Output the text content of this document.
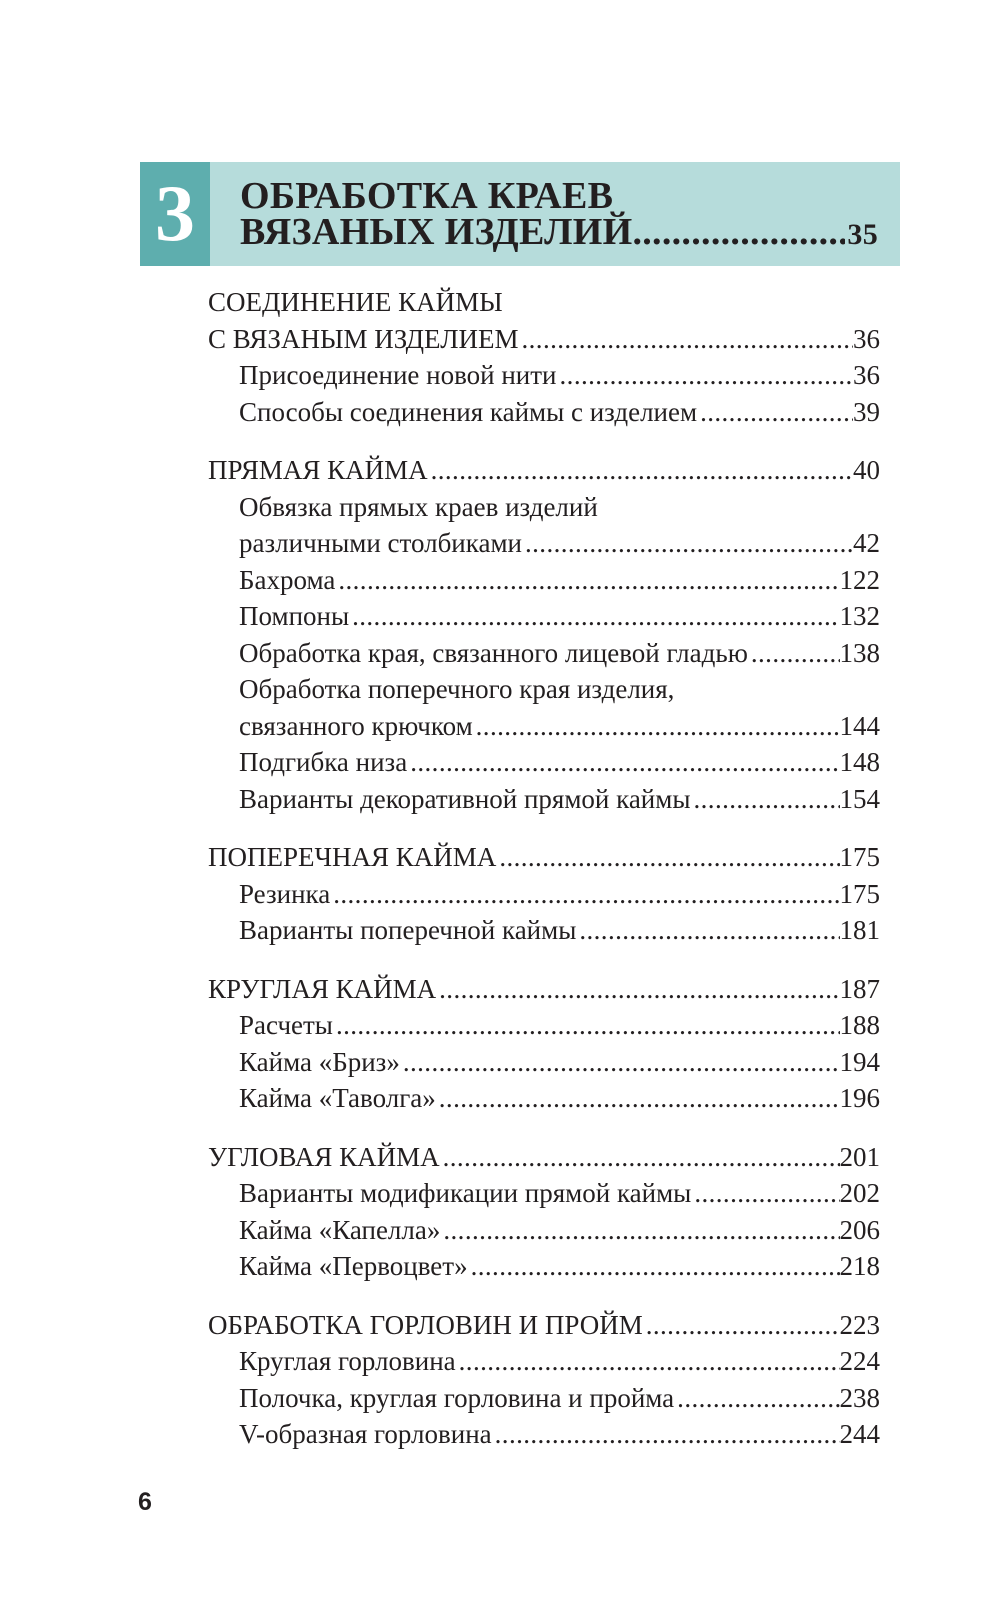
3	ОБРАБОТКА КРАЕВ
ВЯЗАНЫХ ИЗДЕЛИЙ .....	35
СОЕДИНЕНИЕ КАЙМЫ
С ВЯЗАНЫМ ИЗДЕЛИЕМ .....	36
Присоединение новой нити .....	36
Способы соединения каймы с изделием .....	39
ПРЯМАЯ КАЙМА .....	40
Обвязка прямых краев изделий
различными столбиками .....	42
Бахрома .....	122
Помпоны .....	132
Обработка края, связанного лицевой гладью .....	138
Обработка поперечного края изделия,
связанного крючком .....	144
Подгибка низа .....	148
Варианты декоративной прямой каймы .....	154
ПОПЕРЕЧНАЯ КАЙМА .....	175
Резинка .....	175
Варианты поперечной каймы .....	181
КРУГЛАЯ КАЙМА .....	187
Расчеты .....	188
Кайма «Бриз» .....	194
Кайма «Таволга» .....	196
УГЛОВАЯ КАЙМА .....	201
Варианты модификации прямой каймы .....	202
Кайма «Капелла» .....	206
Кайма «Первоцвет» .....	218
ОБРАБОТКА ГОРЛОВИН И ПРОЙМ .....	223
Круглая горловина .....	224
Полочка, круглая горловина и пройма .....	238
V-образная горловина .....	244
6
